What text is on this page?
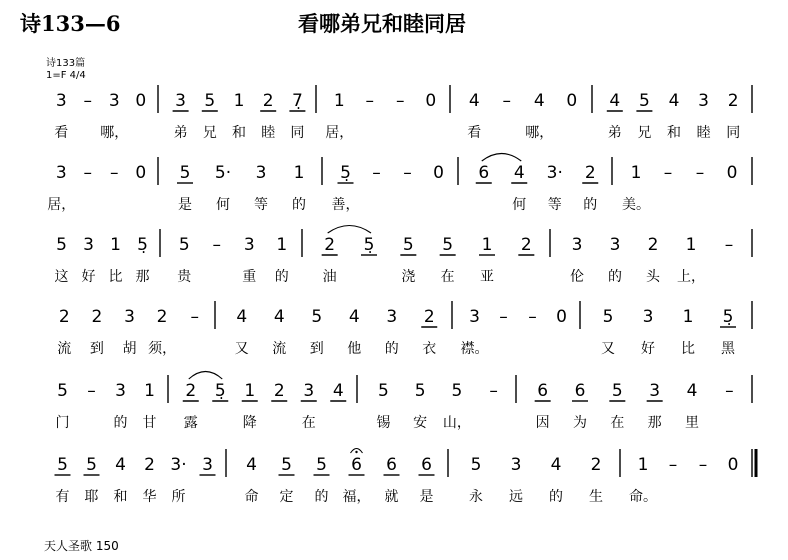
诗133—6	看哪弟兄和睦同居
诗133篇
1=F 4/4
3
看
– 3
哪，
0 3
弟
5
兄
1
和
2
睦
7̣
同
1
居，
– – 0 4
看
– 4
哪，
0 4
弟
5
兄
4
和
3
睦
2
同
3
居，
– – 0 5
是
5·
何
3
等
1
的
5̣
善，
– – 0 6 4
何
3·
等
2
的
1
美。
– – 0
5
这
3
好
1
比
5̣
那
5
贵
– 3
重
1
的
2
油
5̣ 5
浇
5
在
1
亚
2 3
伦
3
的
2
头
1
上，
–
2
流
2
到
3
胡
2
须，
– 4
又
4
流
5
到
4
他
3
的
2
衣
3
襟。
– – 0 5
又
3
好
1
比
5̣
黑
5
门
– 3
的
1
甘
2
露
5̣ 1
降
2 3
在
4 5
锡
5
安
5
山，
– 6
因
6
为
5
在
3
那
4
里
–
5
有
5
耶
4
和
2
华
3·
所
3 4
命
5
定
5
的
6
福，
6
就
6
是
5
永
3
远
4
的
2
生
1
命。
– – 0
天人圣歌 150
